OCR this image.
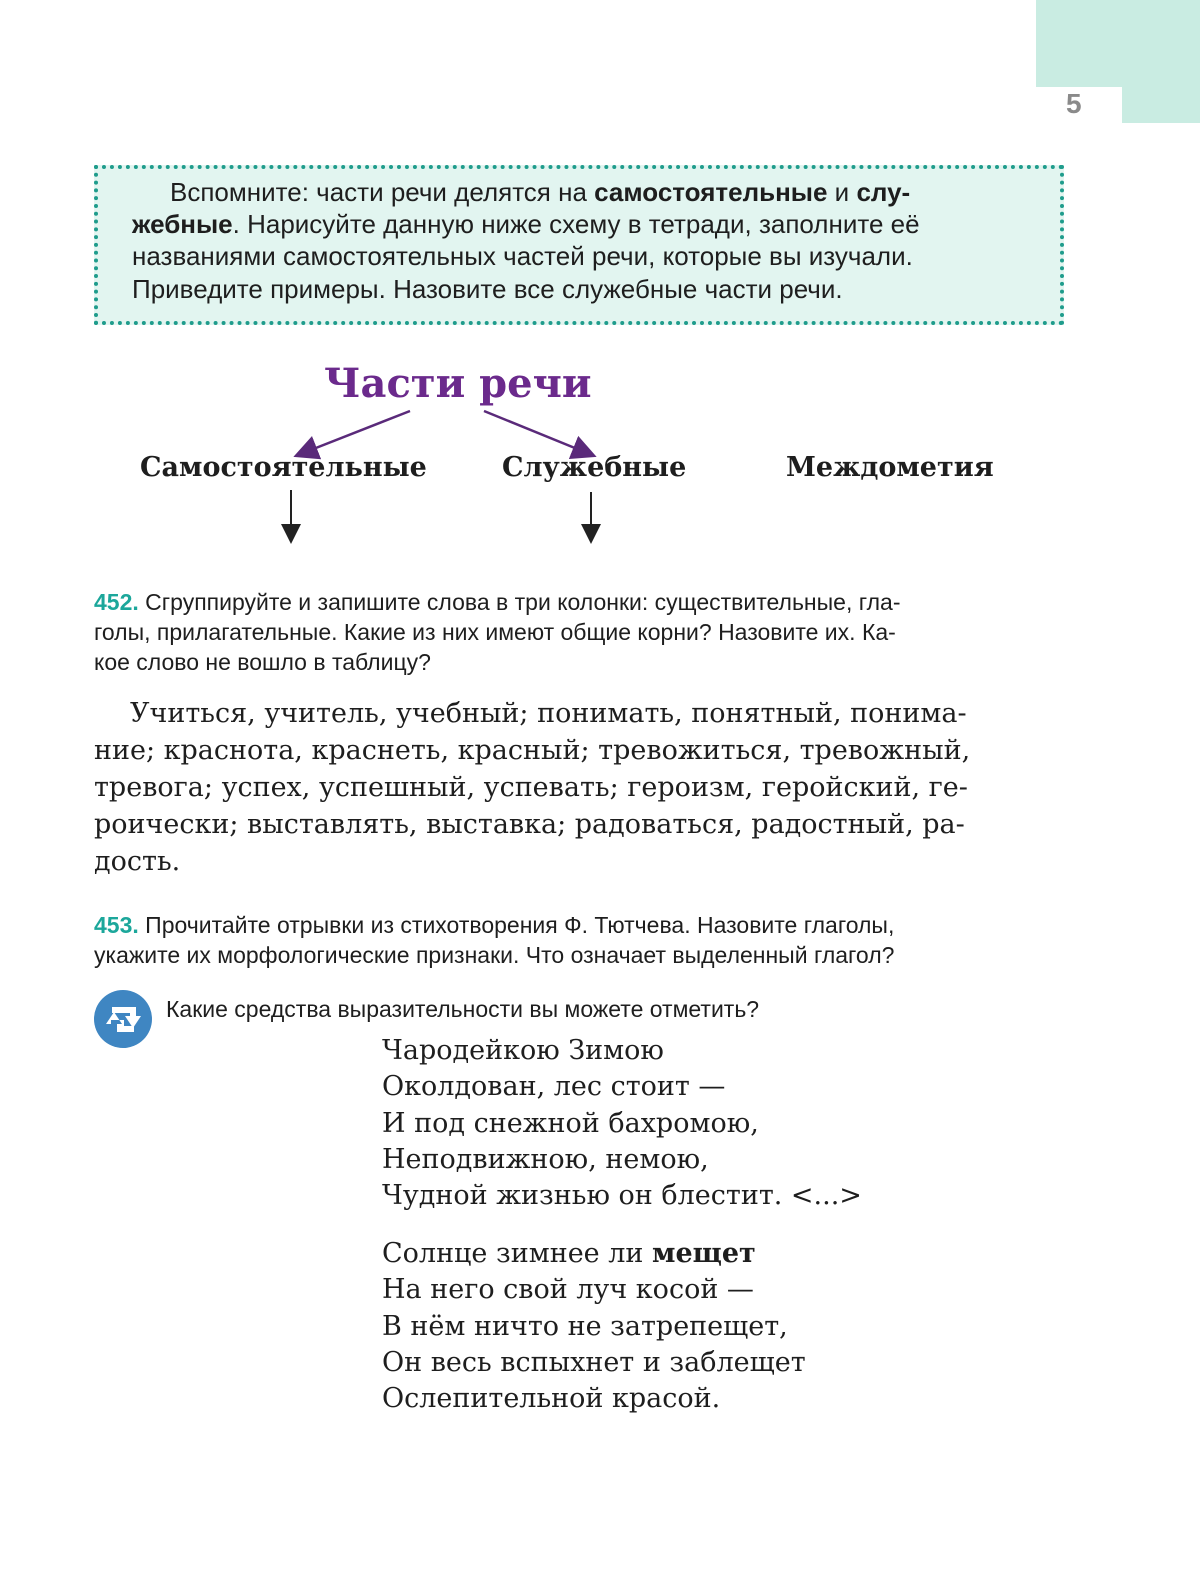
5
Вспомните: части речи делятся на самостоятельные и слу-
жебные. Нарисуйте данную ниже схему в тетради, заполните её
названиями самостоятельных частей речи, которые вы изучали.
Приведите примеры. Назовите все служебные части речи.
Части речи
Самостоятельные	Служебные	Междометия
452. Сгруппируйте и запишите слова в три колонки: существительные, гла-
голы, прилагательные. Какие из них имеют общие корни? Назовите их. Ка-
кое слово не вошло в таблицу?
Учиться, учитель, учебный; понимать, понятный, понима-
ние; краснота, краснеть, красный; тревожиться, тревожный,
тревога; успех, успешный, успевать; героизм, геройский, ге-
роически; выставлять, выставка; радоваться, радостный, ра-
дость.
453. Прочитайте отрывки из стихотворения Ф. Тютчева. Назовите глаголы,
укажите их морфологические признаки. Что означает выделенный глагол?
Какие средства выразительности вы можете отметить?
Чародейкою Зимою
Околдован, лес стоит —
И под снежной бахромою,
Неподвижною, немою,
Чудной жизнью он блестит. <...>
Солнце зимнее ли мещет
На него свой луч косой —
В нём ничто не затрепещет,
Он весь вспыхнет и заблещет
Ослепительной красой.
